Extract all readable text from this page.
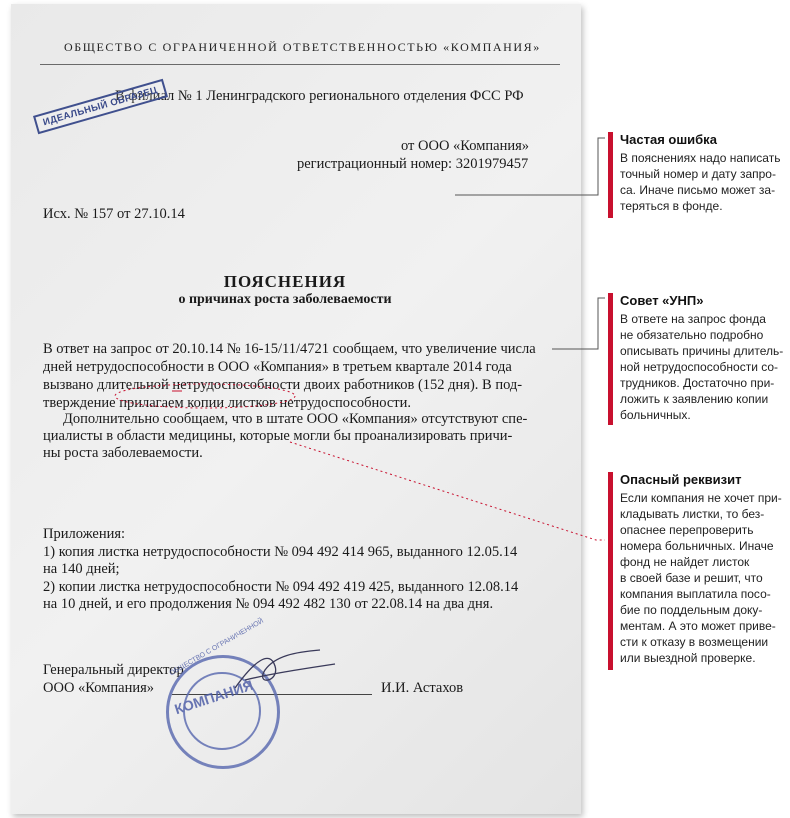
ОБЩЕСТВО С ОГРАНИЧЕННОЙ ОТВЕТСТВЕННОСТЬЮ «КОМПАНИЯ»
В филиал № 1 Ленинградского регионального отделения ФСС РФ
ИДЕАЛЬНЫЙ ОБРАЗЕЦ
от ООО «Компания»
регистрационный номер: 3201979457
Исх. № 157 от 27.10.14
ПОЯСНЕНИЯ
о причинах роста заболеваемости
В ответ на запрос от 20.10.14 № 16-15/11/4721 сообщаем, что увеличение числа
дней нетрудоспособности в ООО «Компания» в третьем квартале 2014 года
вызвано длительной нетрудоспособности двоих работников (152 дня). В под-
тверждение прилагаем копии листков нетрудоспособности.
Дополнительно сообщаем, что в штате ООО «Компания» отсутствуют спе-
циалисты в области медицины, которые могли бы проанализировать причи-
ны роста заболеваемости.
Приложения:
1) копия листка нетрудоспособности № 094 492 414 965, выданного 12.05.14
на 140 дней;
2) копии листка нетрудоспособности № 094 492 419 425, выданного 12.08.14
на 10 дней, и его продолжения № 094 492 482 130 от 22.08.14 на два дня.
Генеральный директор
ООО «Компания»	И.И. Астахов
ОБЩЕСТВО С ОГРАНИЧЕННОЙ
КОМПАНИЯ
Частая ошибка
В пояснениях надо написать
точный номер и дату запро-
са. Иначе письмо может за-
теряться в фонде.
Совет «УНП»
В ответе на запрос фонда
не обязательно подробно
описывать причины длитель-
ной нетрудоспособности со-
трудников. Достаточно при-
ложить к заявлению копии
больничных.
Опасный реквизит
Если компания не хочет при-
кладывать листки, то без-
опаснее перепроверить
номера больничных. Иначе
фонд не найдет листок
в своей базе и решит, что
компания выплатила посо-
бие по поддельным доку-
ментам. А это может приве-
сти к отказу в возмещении
или выездной проверке.
